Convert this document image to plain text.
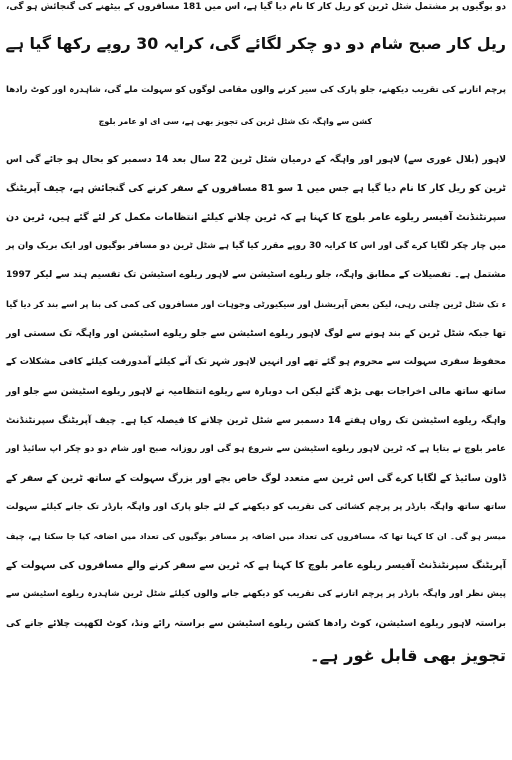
دو بوگیوں پر مشتمل شٹل ٹرین کو ریل کار کا نام دیا گیا ہے، اس میں 181 مسافروں کے بیٹھنے کی گنجائش ہو گی،
ریل کار صبح شام دو دو چکر لگائے گی، کرایہ 30 روپے رکھا گیا ہے
پرچم اتارنے کی تقریب دیکھنے، جلو پارک کی سیر کرنے والوں مقامی لوگوں کو سہولت ملے گی، شاہدرہ اور کوٹ رادھا
کشن سے واہگہ تک شٹل ٹرین کی تجویز بھی ہے، سی ای او عامر بلوچ
لاہور (بلال غوری سے) لاہور اور واہگہ کے درمیان شٹل ٹرین 22 سال بعد 14 دسمبر کو بحال ہو جائے گی اس
ٹرین کو ریل کار کا نام دیا گیا ہے جس میں 1 سو 81 مسافروں کے سفر کرنے کی گنجائش ہے، چیف آپریٹنگ
سپرنٹنڈنٹ آفیسر ریلوے عامر بلوچ کا کہنا ہے کہ ٹرین چلانے کیلئے انتظامات مکمل کر لئے گئے ہیں، ٹرین دن
میں چار چکر لگایا کرے گی اور اس کا کرایہ 30 روپے مقرر کیا گیا ہے شٹل ٹرین دو مسافر بوگیوں اور ایک بریک وان پر
مشتمل ہے۔ تفصیلات کے مطابق واہگہ، جلو ریلوے اسٹیشن سے لاہور ریلوے اسٹیشن تک تقسیم ہند سے لیکر 1997
ء تک شٹل ٹرین چلتی رہی، لیکن بعض آپریشنل اور سیکیورٹی وجوہات اور مسافروں کی کمی کی بنا پر اسے بند کر دیا گیا
تھا جبکہ شٹل ٹرین کے بند ہونے سے لوگ لاہور ریلوے اسٹیشن سے جلو ریلوے اسٹیشن اور واہگہ تک سستی اور
محفوظ سفری سہولت سے محروم ہو گئے تھے اور انہیں لاہور شہر تک آنے کیلئے آمدورفت کیلئے کافی مشکلات کے
ساتھ ساتھ مالی اخراجات بھی بڑھ گئے لیکن اب دوبارہ سے ریلوے انتظامیہ نے لاہور ریلوے اسٹیشن سے جلو اور
واہگہ ریلوے اسٹیشن تک رواں ہفتے 14 دسمبر سے شٹل ٹرین چلانے کا فیصلہ کیا ہے۔ چیف آپریٹنگ سپرنٹنڈنٹ
عامر بلوچ نے بتایا ہے کہ ٹرین لاہور ریلوے اسٹیشن سے شروع ہو گی اور روزانہ صبح اور شام دو دو چکر اپ سائیڈ اور
ڈاون سائیڈ کے لگایا کرے گی اس ٹرین سے متعدد لوگ خاص بچے اور بزرگ سہولت کے ساتھ ٹرین کے سفر کے
ساتھ ساتھ واہگہ بارڈر پر پرچم کشائی کی تقریب کو دیکھنے کے لئے جلو پارک اور واہگہ بارڈر تک جانے کیلئے سہولت
میسر ہو گی۔ ان کا کہنا تھا کہ مسافروں کی تعداد میں اضافہ پر مسافر بوگیوں کی تعداد میں اضافہ کیا جا سکتا ہے، چیف
آپریٹنگ سپرنٹنڈنٹ آفیسر ریلوے عامر بلوچ کا کہنا ہے کہ ٹرین سے سفر کرنے والے مسافروں کی سہولت کے
پیش نظر اور واہگہ بارڈر پر پرچم اتارنے کی تقریب کو دیکھنے جانے والوں کیلئے شٹل ٹرین شاہدرہ ریلوے اسٹیشن سے
براستہ لاہور ریلوے اسٹیشن، کوٹ رادھا کشن ریلوے اسٹیشن سے براستہ رائے ونڈ، کوٹ لکھپت چلائے جانے کی
تجویز بھی قابل غور ہے۔
